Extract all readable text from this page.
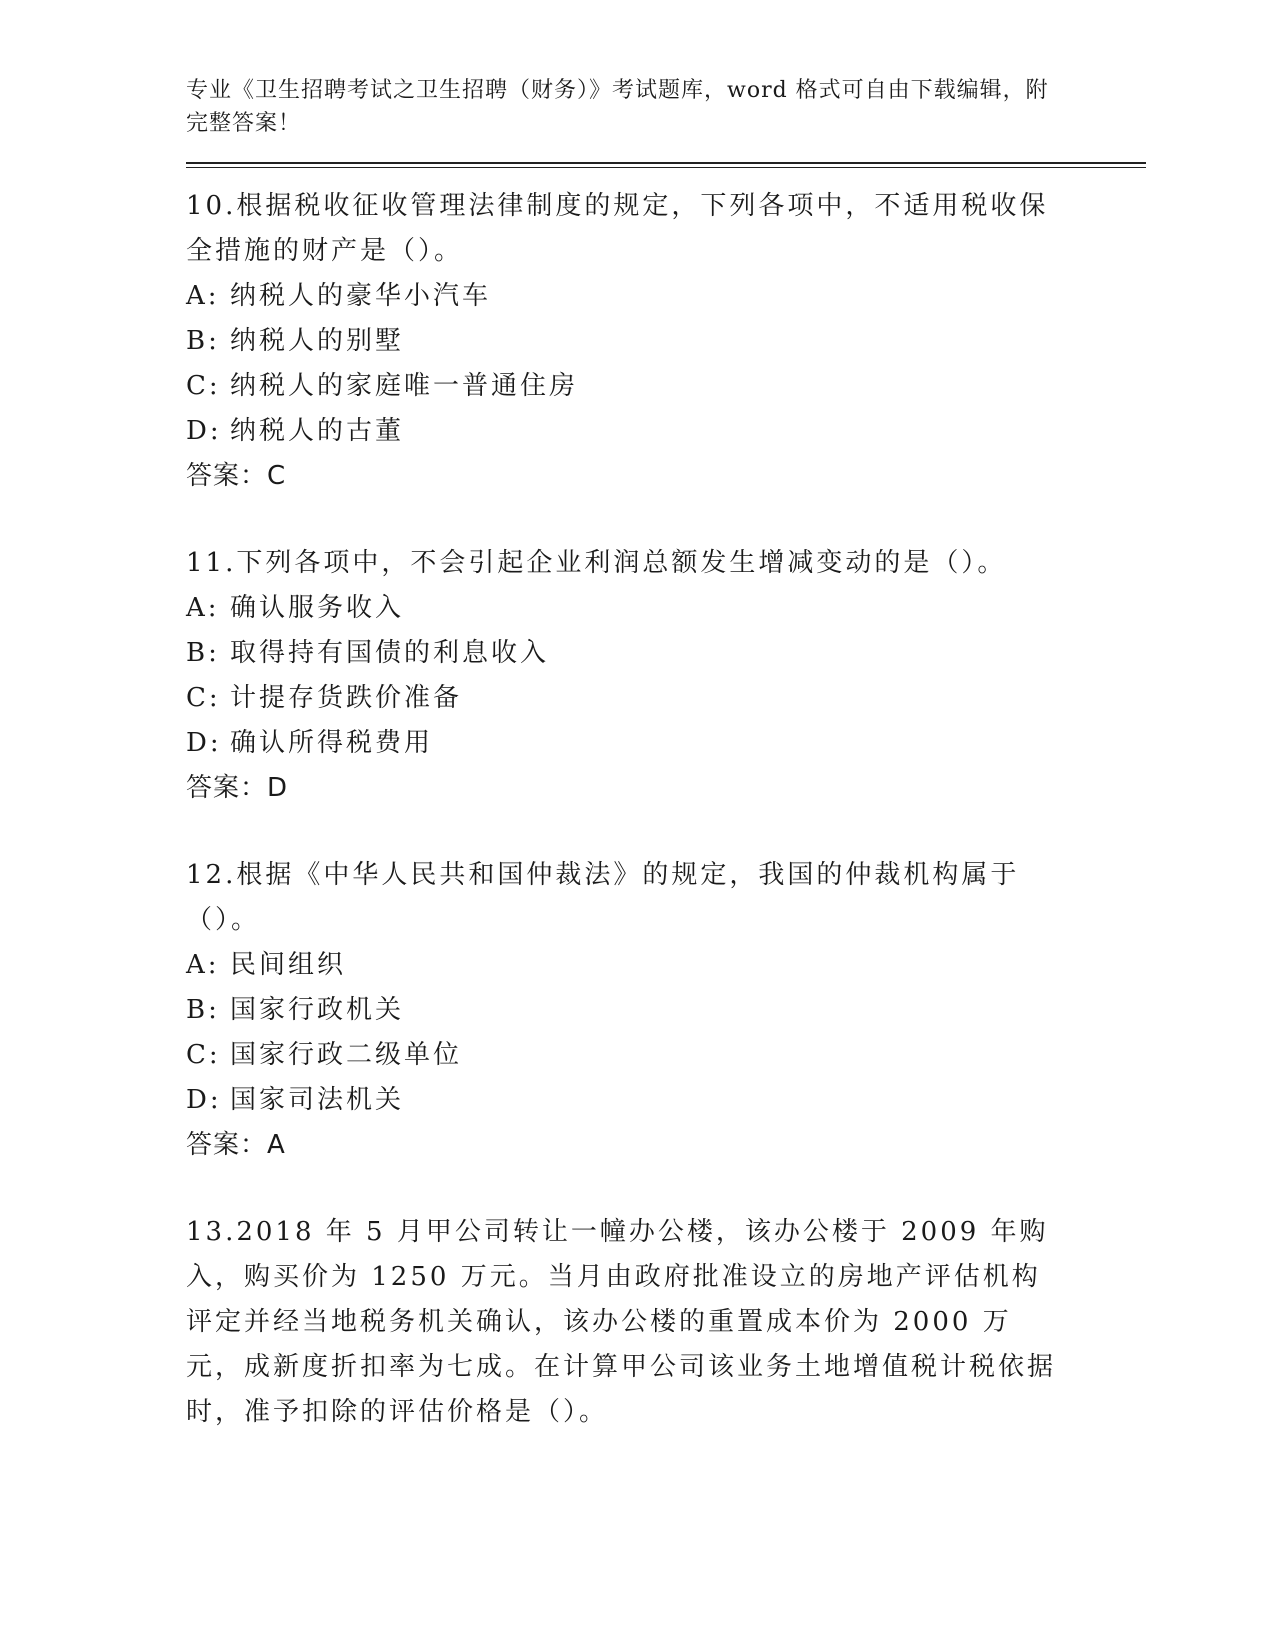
专业《卫生招聘考试之卫生招聘（财务）》考试题库，word 格式可自由下载编辑，附完整答案！
10.根据税收征收管理法律制度的规定，下列各项中，不适用税收保全措施的财产是（）。
A: 纳税人的豪华小汽车
B: 纳税人的别墅
C: 纳税人的家庭唯一普通住房
D: 纳税人的古董
答案：C
11.下列各项中，不会引起企业利润总额发生增减变动的是（）。
A: 确认服务收入
B: 取得持有国债的利息收入
C: 计提存货跌价准备
D: 确认所得税费用
答案：D
12.根据《中华人民共和国仲裁法》的规定，我国的仲裁机构属于（）。
A: 民间组织
B: 国家行政机关
C: 国家行政二级单位
D: 国家司法机关
答案：A
13.2018 年 5 月甲公司转让一幢办公楼，该办公楼于 2009 年购入，购买价为 1250 万元。当月由政府批准设立的房地产评估机构评定并经当地税务机关确认，该办公楼的重置成本价为 2000 万元，成新度折扣率为七成。在计算甲公司该业务土地增值税计税依据时，准予扣除的评估价格是（）。
